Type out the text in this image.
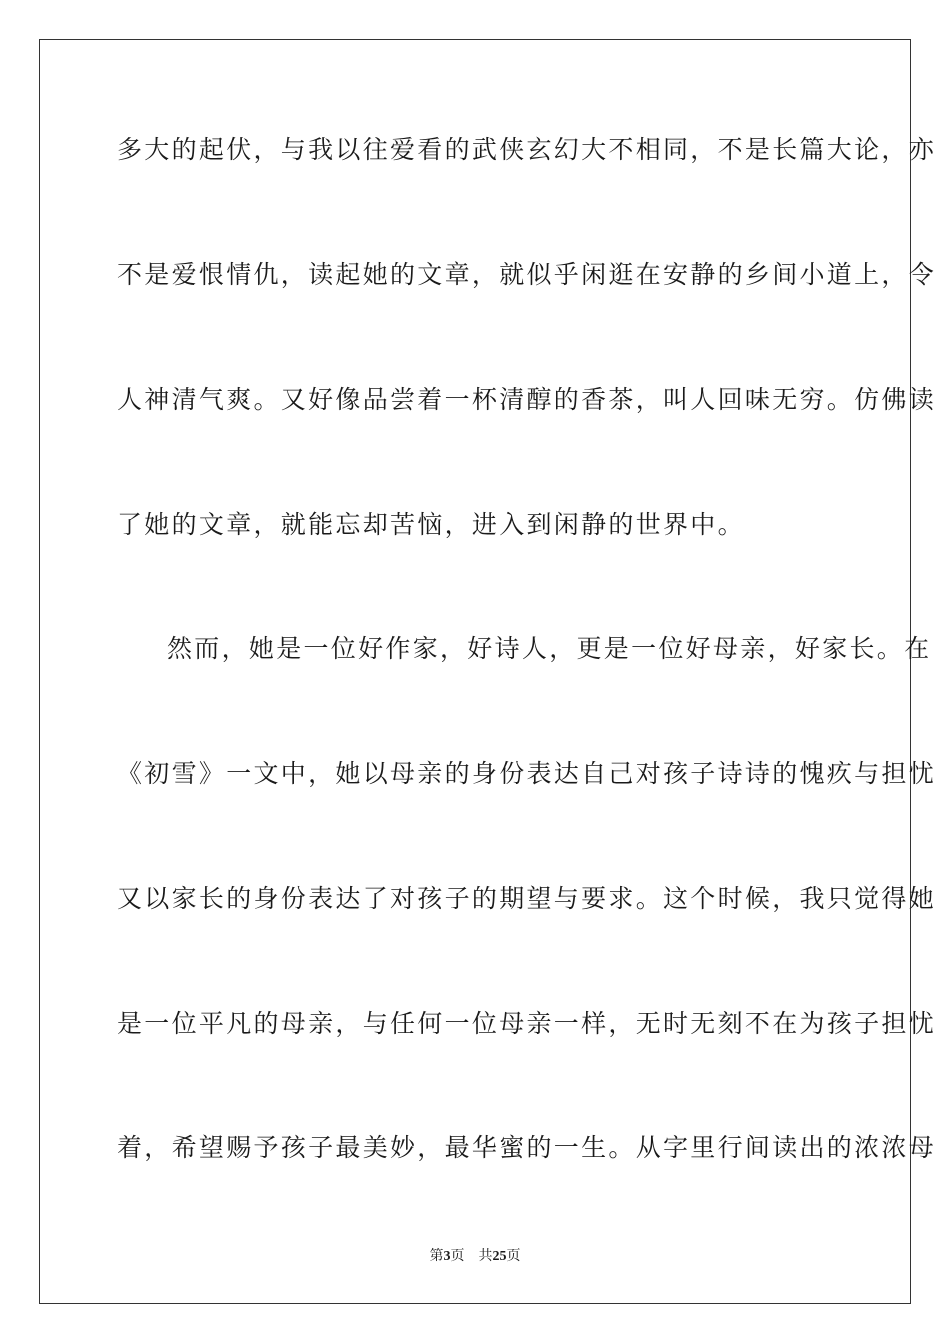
多大的起伏，与我以往爱看的武侠玄幻大不相同，不是长篇大论，亦
不是爱恨情仇，读起她的文章，就似乎闲逛在安静的乡间小道上，令
人神清气爽。又好像品尝着一杯清醇的香茶，叫人回味无穷。仿佛读
了她的文章，就能忘却苦恼，进入到闲静的世界中。
然而，她是一位好作家，好诗人，更是一位好母亲，好家长。在
《初雪》一文中，她以母亲的身份表达自己对孩子诗诗的愧疚与担忧
又以家长的身份表达了对孩子的期望与要求。这个时候，我只觉得她
是一位平凡的母亲，与任何一位母亲一样，无时无刻不在为孩子担忧
着，希望赐予孩子最美妙，最华蜜的一生。从字里行间读出的浓浓母
第3页 共25页
